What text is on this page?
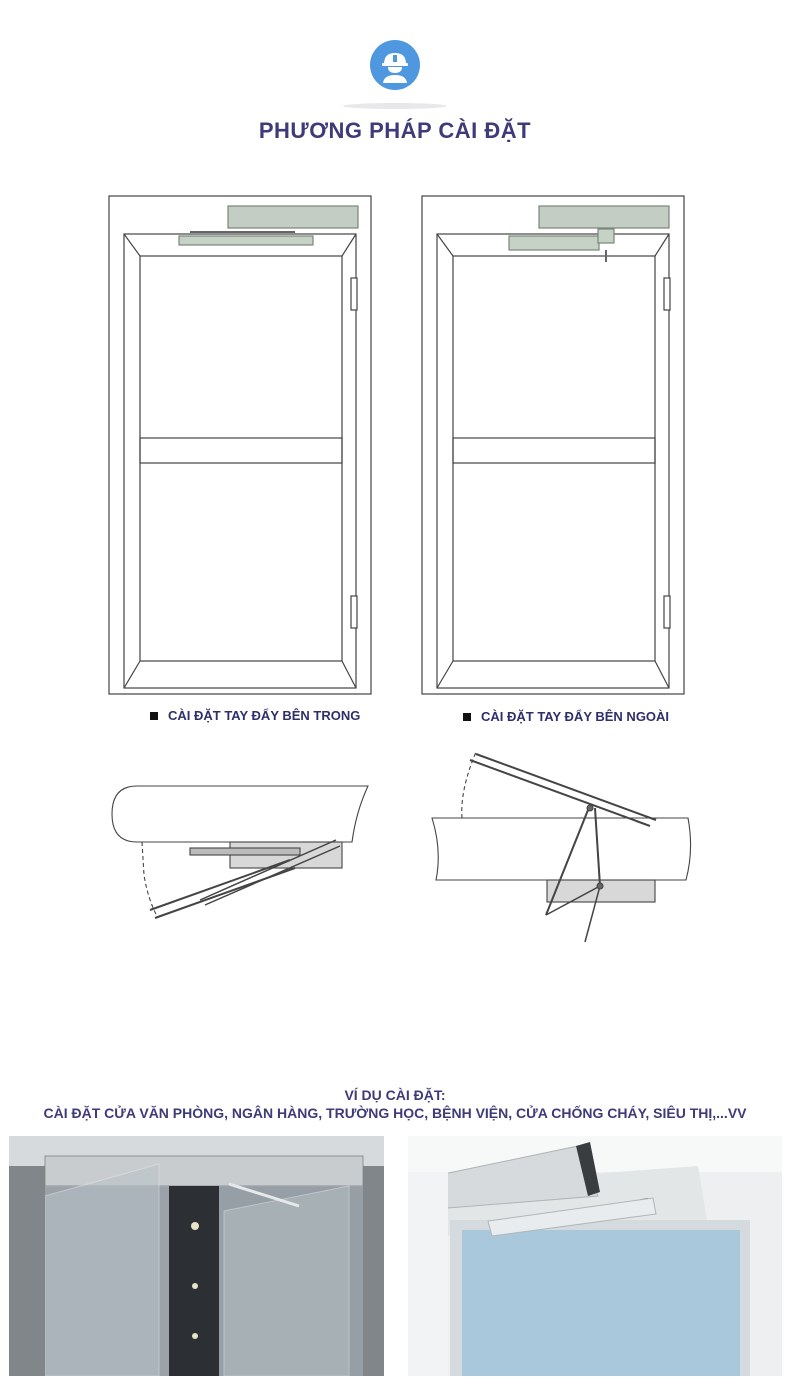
PHƯƠNG PHÁP CÀI ĐẶT
CÀI ĐẶT TAY ĐẨY BÊN TRONG	CÀI ĐẶT TAY ĐẨY BÊN NGOÀI
VÍ DỤ CÀI ĐẶT:
CÀI ĐẶT CỬA VĂN PHÒNG, NGÂN HÀNG, TRƯỜNG HỌC, BỆNH VIỆN, CỬA CHỐNG CHÁY, SIÊU THỊ,...VV
